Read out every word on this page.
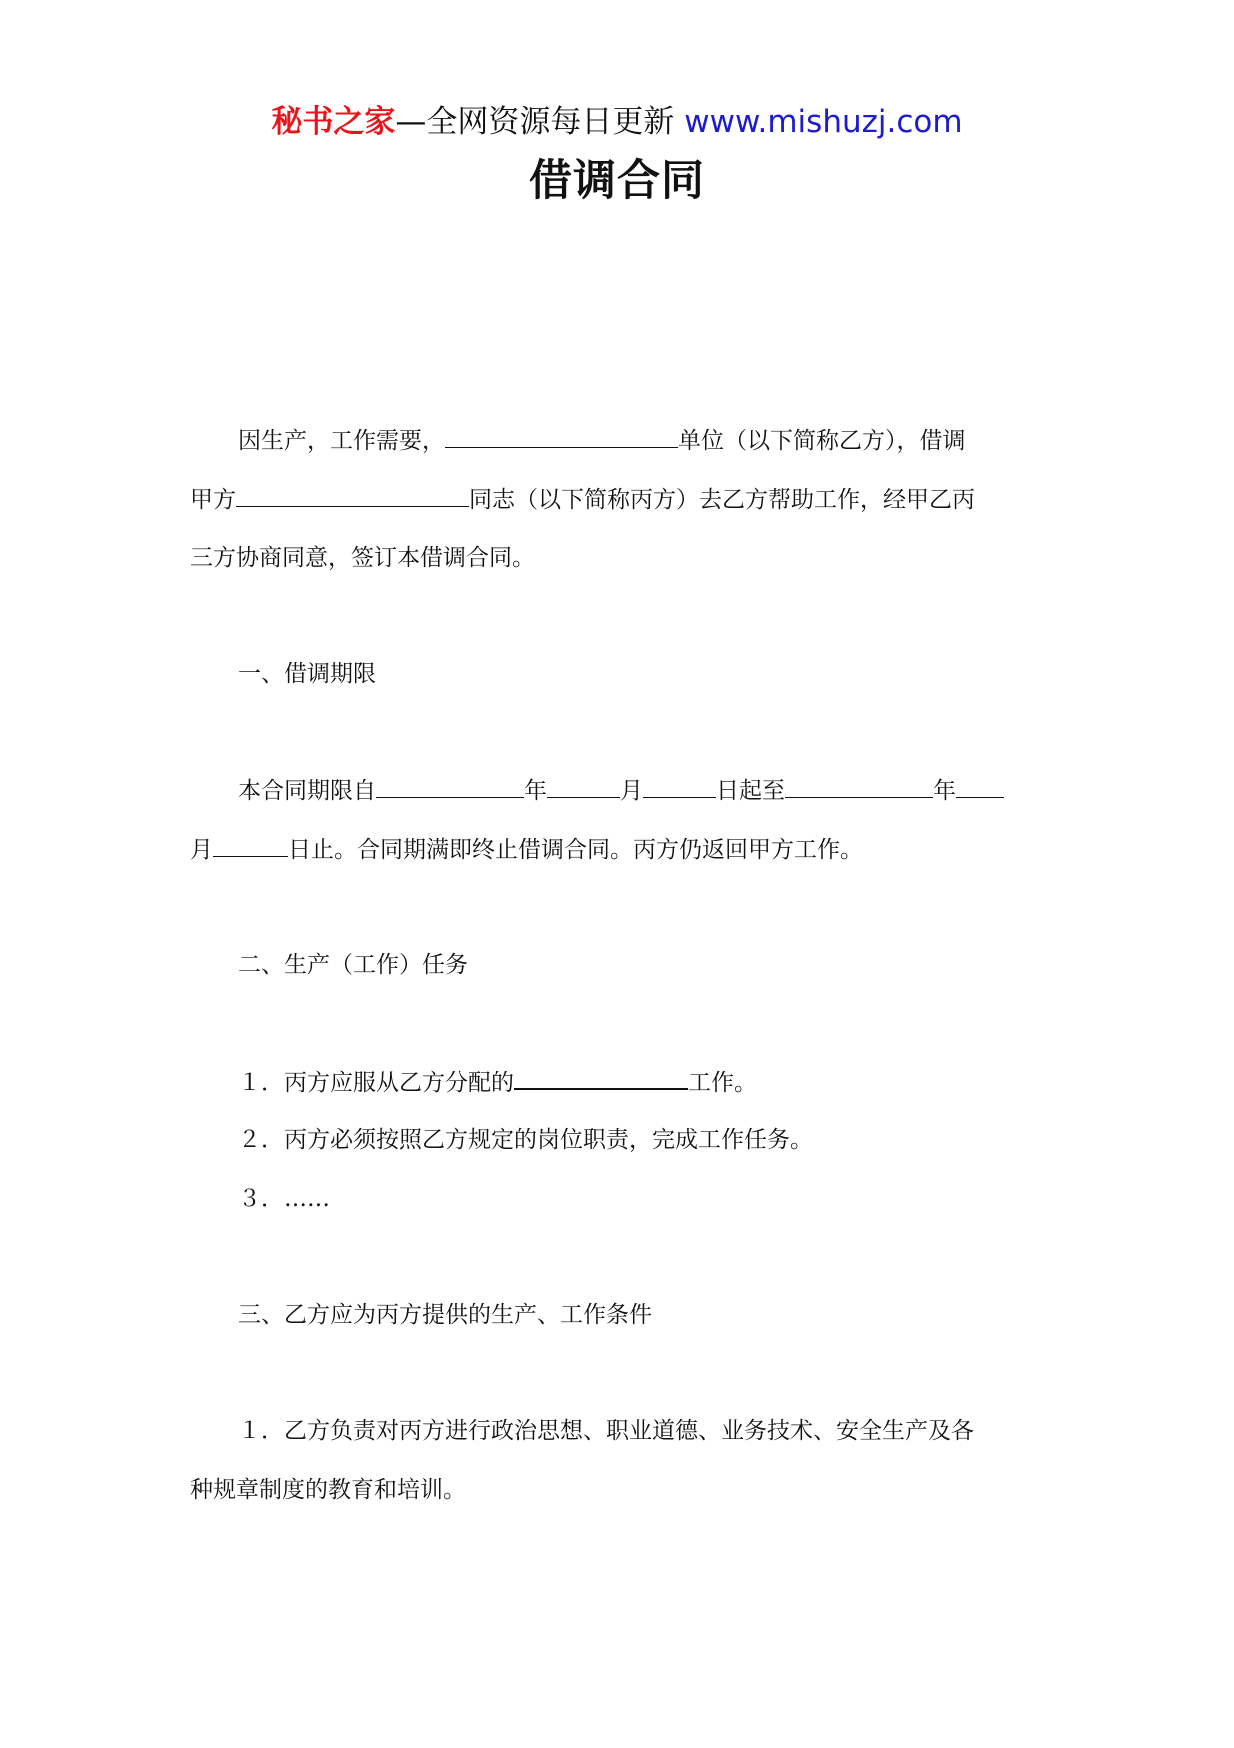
秘书之家—全网资源每日更新 www.mishuzj.com
借调合同
因生产，工作需要，	单位（以下简称乙方），借调
甲方	同志（以下简称丙方）去乙方帮助工作，经甲乙丙
三方协商同意，签订本借调合同。
一、借调期限
本合同期限自	年	月	日起至	年
月	日止。合同期满即终止借调合同。丙方仍返回甲方工作。
二、生产（工作）任务
１．丙方应服从乙方分配的	工作。
２．丙方必须按照乙方规定的岗位职责，完成工作任务。
３．……
三、乙方应为丙方提供的生产、工作条件
１．乙方负责对丙方进行政治思想、职业道德、业务技术、安全生产及各
种规章制度的教育和培训。
